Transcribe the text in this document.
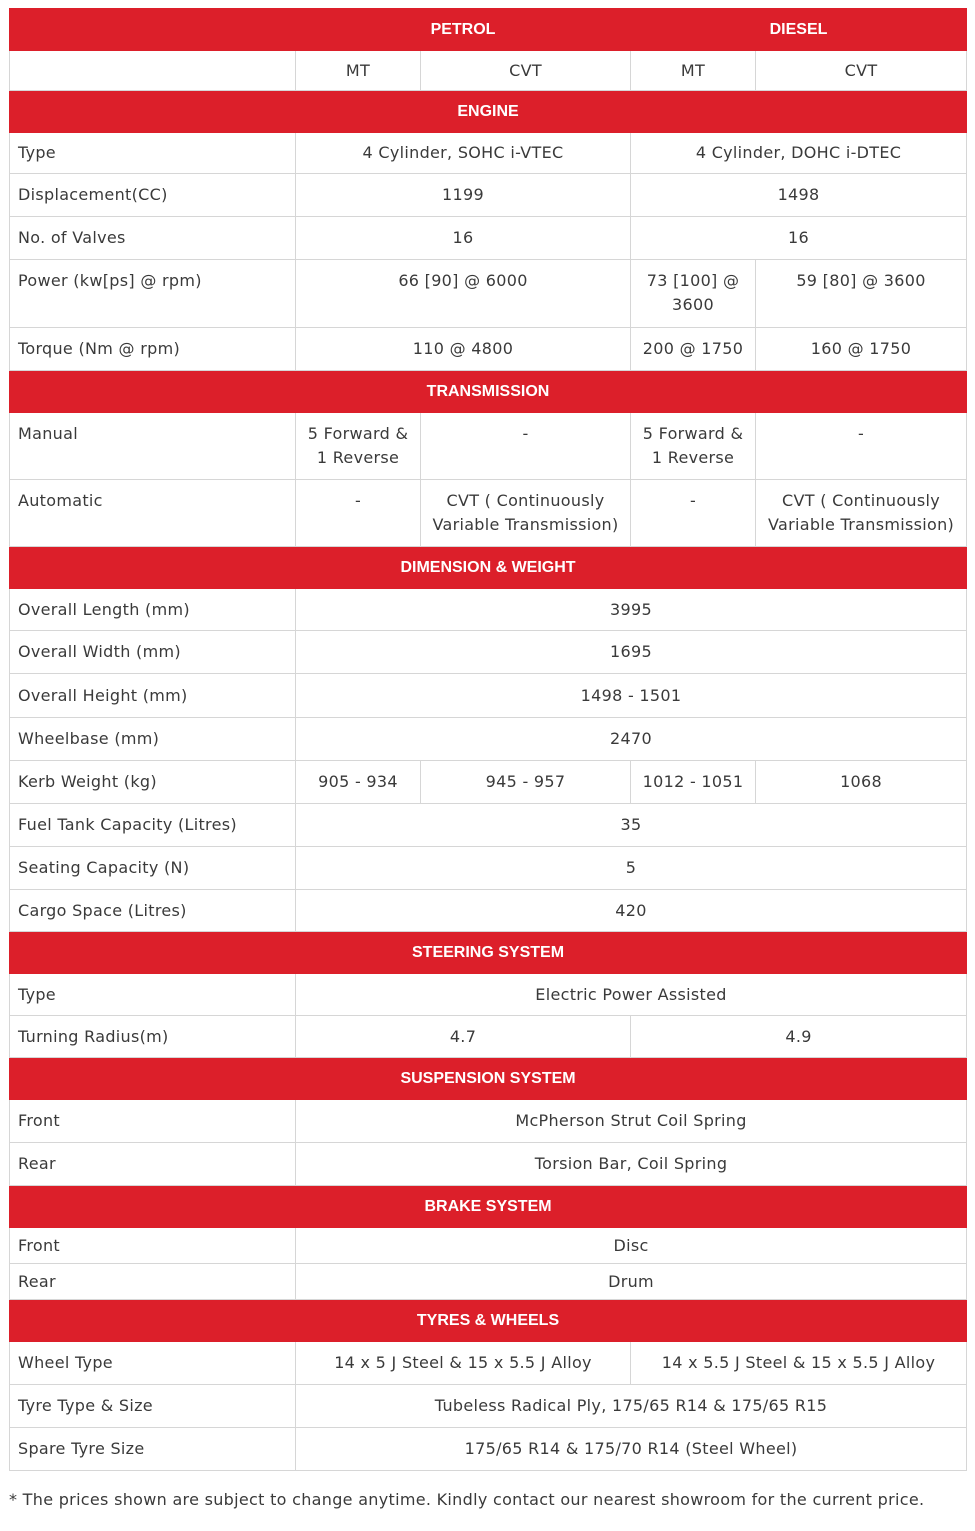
	PETROL		DIESEL	
	MT	CVT	MT	CVT
ENGINE				
Type	4 Cylinder, SOHC i-VTEC		4 Cylinder, DOHC i-DTEC	
Displacement(CC)	1199		1498	
No. of Valves	16		16	
Power (kw[ps] @ rpm)	66 [90] @ 6000		73 [100] @ 3600	59 [80] @ 3600
Torque (Nm @ rpm)	110 @ 4800		200 @ 1750	160 @ 1750
TRANSMISSION				
Manual	5 Forward & 1 Reverse	-	5 Forward & 1 Reverse	-
Automatic	-	CVT ( Continuously Variable Transmission)	-	CVT ( Continuously Variable Transmission)
DIMENSION & WEIGHT				
Overall Length (mm)	3995			
Overall Width (mm)	1695			
Overall Height (mm)	1498 - 1501			
Wheelbase (mm)	2470			
Kerb Weight (kg)	905 - 934	945 - 957	1012 - 1051	1068
Fuel Tank Capacity (Litres)	35			
Seating Capacity (N)	5			
Cargo Space (Litres)	420			
STEERING SYSTEM				
Type	Electric Power Assisted			
Turning Radius(m)	4.7		4.9	
SUSPENSION SYSTEM				
Front	McPherson Strut Coil Spring			
Rear	Torsion Bar, Coil Spring			
BRAKE SYSTEM				
Front	Disc			
Rear	Drum			
TYRES & WHEELS				
Wheel Type	14 x 5 J Steel & 15 x 5.5 J Alloy		14 x 5.5 J Steel & 15 x 5.5 J Alloy	
Tyre Type & Size	Tubeless Radical Ply, 175/65 R14 & 175/65 R15			
Spare Tyre Size	175/65 R14 & 175/70 R14 (Steel Wheel)			
* The prices shown are subject to change anytime. Kindly contact our nearest showroom for the current price.
